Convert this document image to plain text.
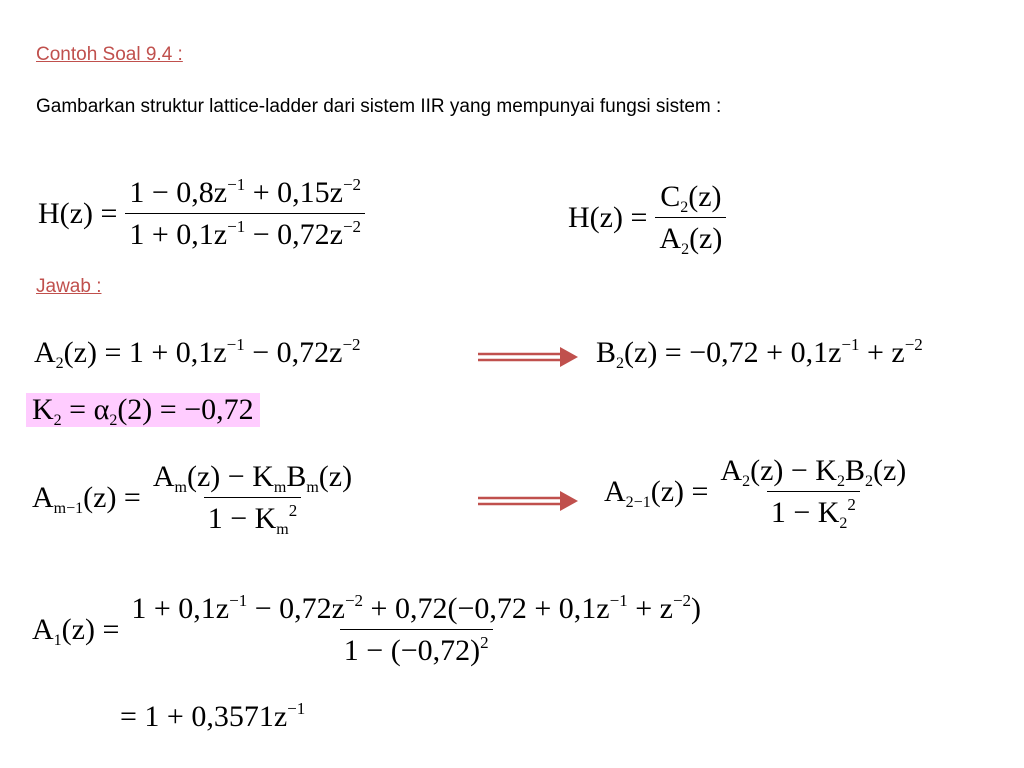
Contoh Soal 9.4 :
Gambarkan struktur lattice-ladder dari sistem IIR yang mempunyai fungsi sistem :
$H(z) = \frac{1 - 0,8z^{-1} + 0,15z^{-2}}{1 + 0,1z^{-1} - 0,72z^{-2}}$	$H(z) = \frac{C_2(z)}{A_2(z)}$
Jawab :
$A_2(z) = 1 + 0,1z^{-1} - 0,72z^{-2}$	$B_2(z) = -0,72 + 0,1z^{-1} + z^{-2}$
$K_2 = \alpha_2(2) = -0,72$
$A_{m-1}(z) = \frac{A_m(z) - K_mB_m(z)}{1 - K_m^2}$	$A_{2-1}(z) = \frac{A_2(z) - K_2B_2(z)}{1 - K_2^2}$
$A_1(z) = \frac{1 + 0,1z^{-1} - 0,72z^{-2} + 0,72(-0,72 + 0,1z^{-1} + z^{-2})}{1 - (-0,72)^2}$
= $1 + 0,3571z^{-1}$
